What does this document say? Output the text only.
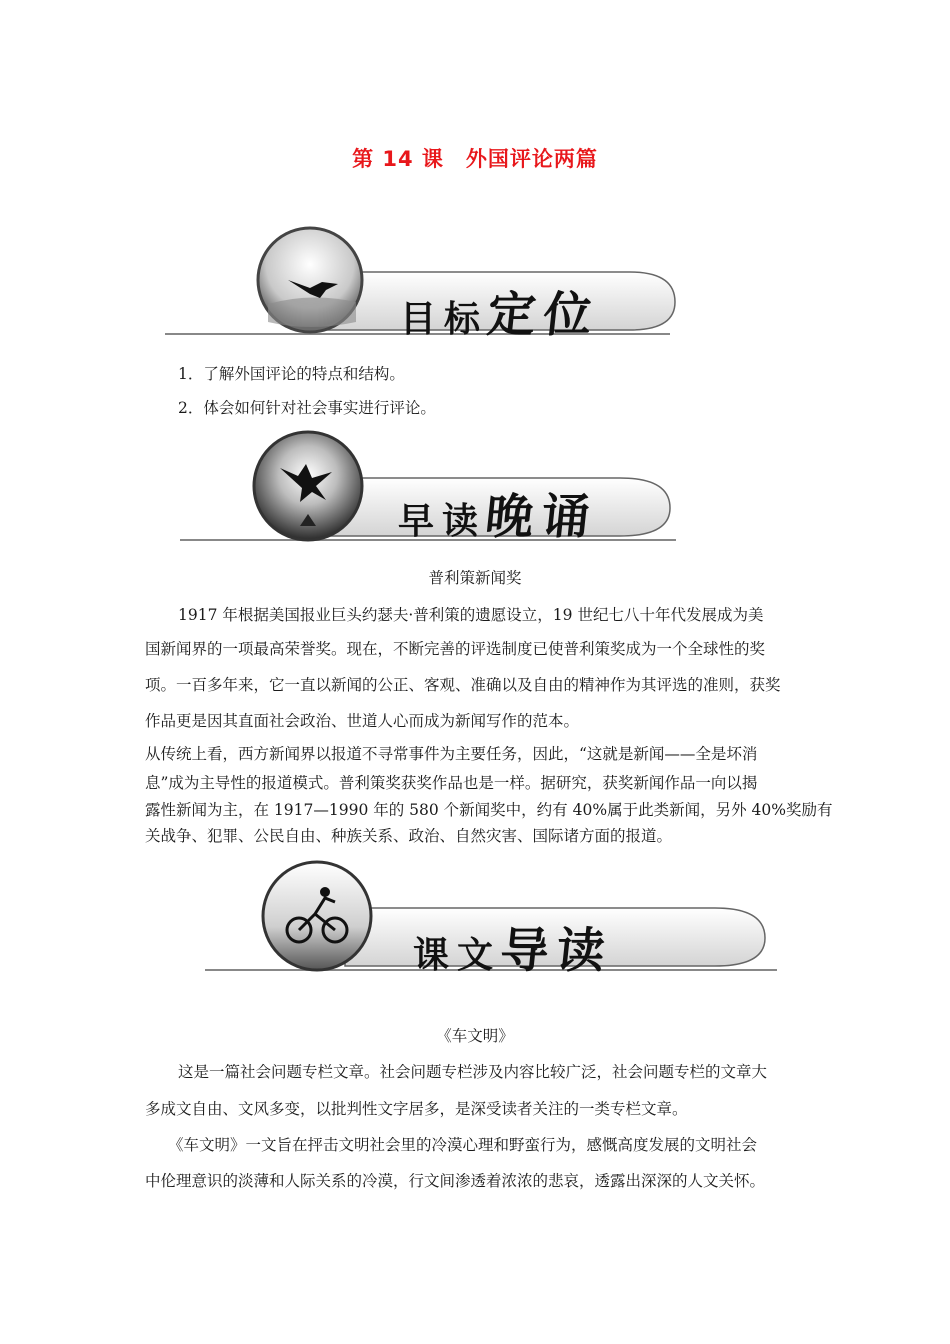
第 14 课　外国评论两篇
目标定位
1．了解外国评论的特点和结构。
2．体会如何针对社会事实进行评论。
早读晚诵
普利策新闻奖
1917 年根据美国报业巨头约瑟夫·普利策的遗愿设立，19 世纪七八十年代发展成为美
国新闻界的一项最高荣誉奖。现在，不断完善的评选制度已使普利策奖成为一个全球性的奖
项。一百多年来，它一直以新闻的公正、客观、准确以及自由的精神作为其评选的准则，获奖
作品更是因其直面社会政治、世道人心而成为新闻写作的范本。
从传统上看，西方新闻界以报道不寻常事件为主要任务，因此，“这就是新闻——全是坏消
息”成为主导性的报道模式。普利策奖获奖作品也是一样。据研究，获奖新闻作品一向以揭
露性新闻为主，在 1917—1990 年的 580 个新闻奖中，约有 40%属于此类新闻，另外 40%奖励有
关战争、犯罪、公民自由、种族关系、政治、自然灾害、国际诸方面的报道。
课文导读
《车文明》
这是一篇社会问题专栏文章。社会问题专栏涉及内容比较广泛，社会问题专栏的文章大
多成文自由、文风多变，以批判性文字居多，是深受读者关注的一类专栏文章。
《车文明》一文旨在抨击文明社会里的冷漠心理和野蛮行为，感慨高度发展的文明社会
中伦理意识的淡薄和人际关系的冷漠，行文间渗透着浓浓的悲哀，透露出深深的人文关怀。
